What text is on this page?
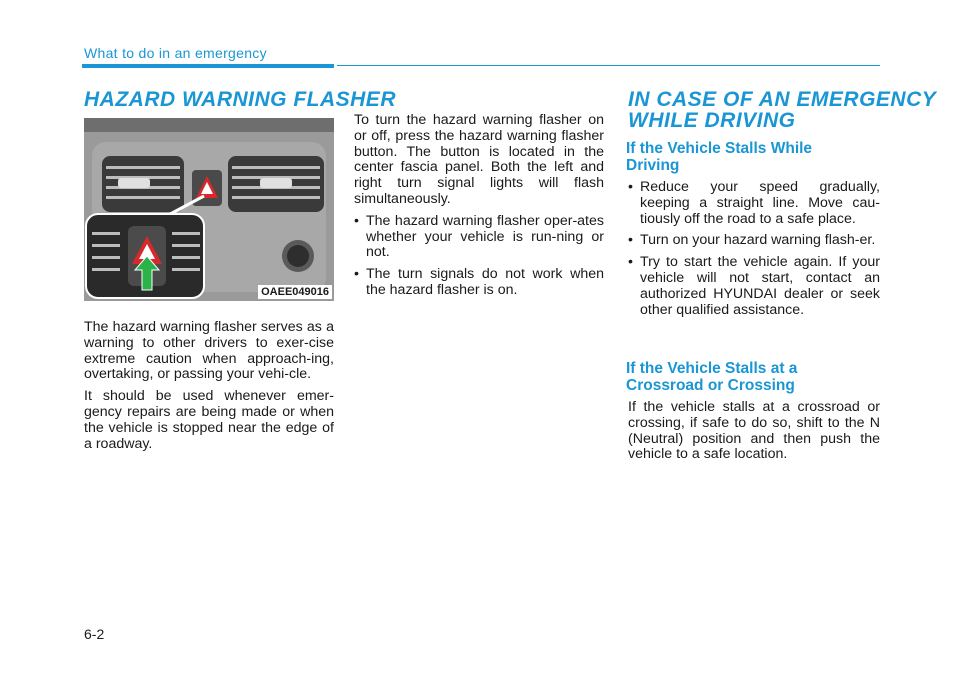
What to do in an emergency
HAZARD WARNING FLASHER
OAEE049016

The hazard warning flasher serves as a warning to other drivers to exer-cise extreme caution when approach-ing, overtaking, or passing your vehi-cle.

It should be used whenever emer-gency repairs are being made or when the vehicle is stopped near the edge of a roadway.

To turn the hazard warning flasher on or off, press the hazard warning flasher button. The button is located in the center fascia panel. Both the left and right turn signal lights will flash simultaneously.

• The hazard warning flasher oper-ates whether your vehicle is run-ning or not.
• The turn signals do not work when the hazard flasher is on.
IN CASE OF AN EMERGENCY
WHILE DRIVING
If the Vehicle Stalls While
Driving
• Reduce your speed gradually, keeping a straight line. Move cau-tiously off the road to a safe place.
• Turn on your hazard warning flash-er.
• Try to start the vehicle again. If your vehicle will not start, contact an authorized HYUNDAI dealer or seek other qualified assistance.
If the Vehicle Stalls at a
Crossroad or Crossing

If the vehicle stalls at a crossroad or crossing, if safe to do so, shift to the N (Neutral) position and then push the vehicle to a safe location.

6-2
